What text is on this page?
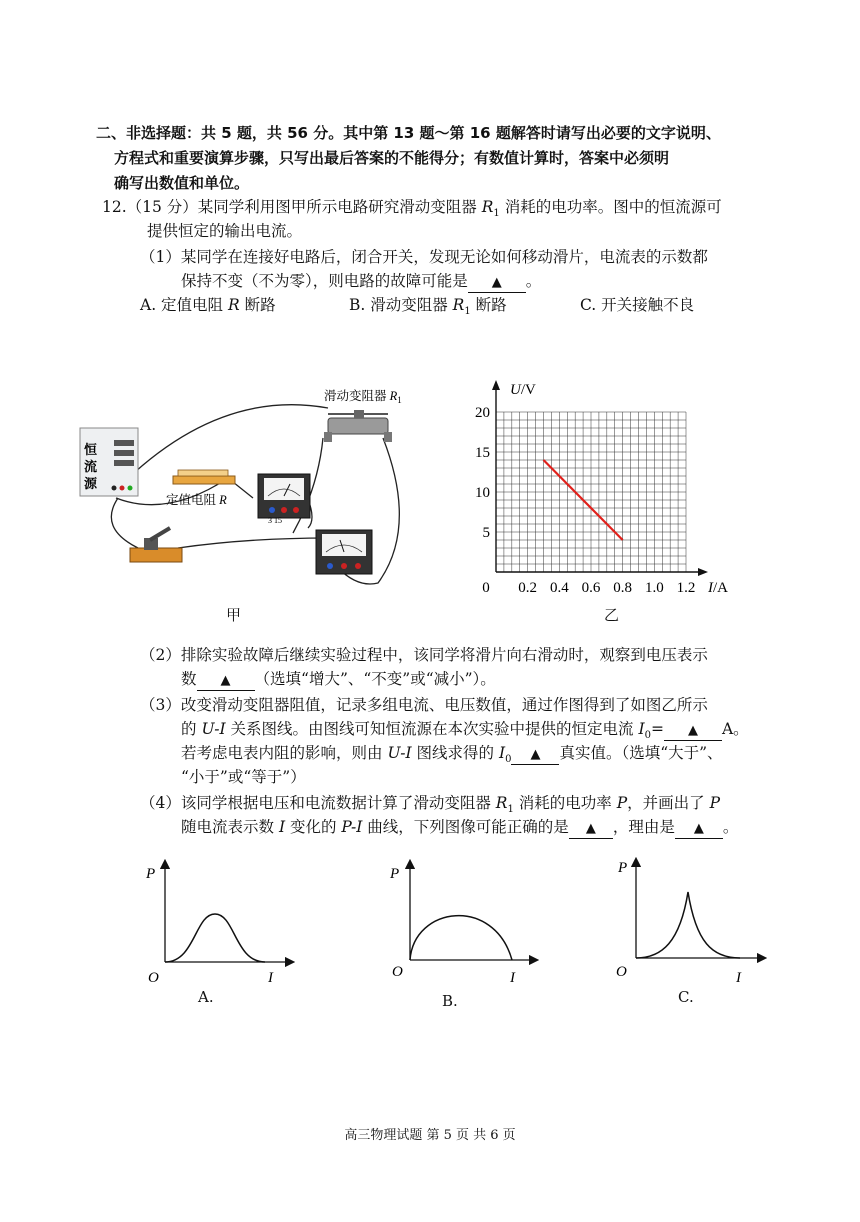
二、非选择题：共 5 题，共 56 分。其中第 13 题～第 16 题解答时请写出必要的文字说明、
方程式和重要演算步骤，只写出最后答案的不能得分；有数值计算时，答案中必须明
确写出数值和单位。
12.（15 分）某同学利用图甲所示电路研究滑动变阻器 $R_1$ 消耗的电功率。图中的恒流源可
提供恒定的输出电流。
（1）某同学在连接好电路后，闭合开关，发现无论如何移动滑片，电流表的示数都
保持不变（不为零），则电路的故障可能是 ▲ 。
A. 定值电阻 R 断路	B. 滑动变阻器 $R_1$ 断路	C. 开关接触不良
恒
流
源
定值电阻 R
滑动变阻器 $R_1$
3 15
甲
0 0.2 0.4 0.6 0.8 1.0 1.2
5
10
15
20
U/V
I/A
乙
（2）排除实验故障后继续实验过程中，该同学将滑片向右滑动时，观察到电压表示
数 ▲ （选填“增大”、“不变”或“减小”）。
（3）改变滑动变阻器阻值，记录多组电流、电压数值，通过作图得到了如图乙所示
的 U-I 关系图线。由图线可知恒流源在本次实验中提供的恒定电流 $I_0=$ ▲ A。
若考虑电表内阻的影响，则由 U-I 图线求得的 $I_0$ ▲ 真实值。（选填“大于”、
“小于”或“等于”）
（4）该同学根据电压和电流数据计算了滑动变阻器 $R_1$ 消耗的电功率 P，并画出了 P
随电流表示数 I 变化的 P-I 曲线，下列图像可能正确的是 ▲ ，理由是 ▲ 。
P
O	I
A.
P
O	I
B.
P
O	I
C.
高三物理试题 第 5 页 共 6 页
